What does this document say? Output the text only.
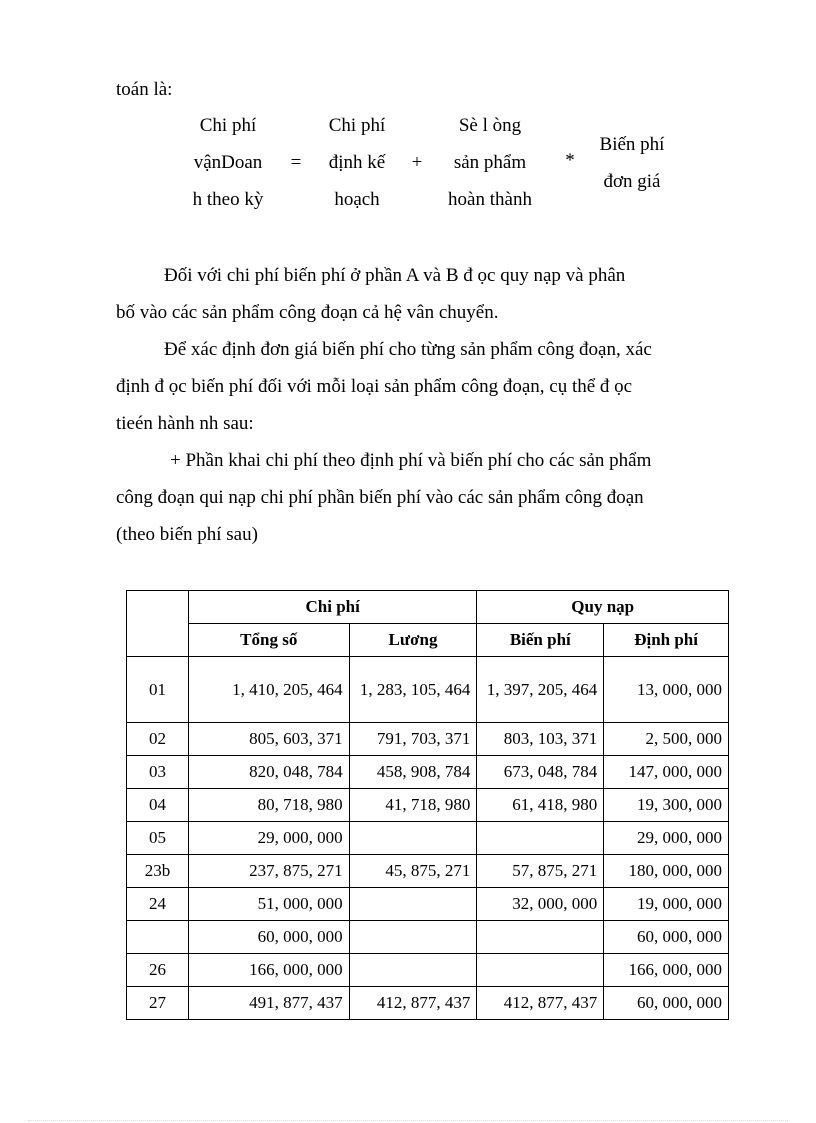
toán là:
Chi phí
vậnDoan
h theo kỳ
=
Chi phí
định kế
hoạch
+
Sè l òng
sản phẩm
hoàn thành
*
Biến phí
đơn giá
Đối với chi phí biến phí ở phần A và B đ ọc quy nạp và phân
bố vào các sản phẩm công đoạn cả hệ vân chuyển.
Để xác định đơn giá biến phí cho từng sản phẩm công đoạn, xác
định đ ọc biến phí đối với mỗi loại sản phẩm công đoạn, cụ thể đ ọc
tieén hành nh sau:
+ Phần khai chi phí theo định phí và biến phí cho các sản phẩm
công đoạn qui nạp chi phí phần biến phí vào các sản phẩm công đoạn
(theo biến phí sau)
	Chi phí		Quy nạp	
	Tổng số	Lương	Biến phí	Định phí
01	1, 410, 205, 464	1, 283, 105, 464	1, 397, 205, 464	13, 000, 000
02	805, 603, 371	791, 703, 371	803, 103, 371	2, 500, 000
03	820, 048, 784	458, 908, 784	673, 048, 784	147, 000, 000
04	80, 718, 980	41, 718, 980	61, 418, 980	19, 300, 000
05	29, 000, 000			29, 000, 000
23b	237, 875, 271	45, 875, 271	57, 875, 271	180, 000, 000
24	51, 000, 000		32, 000, 000	19, 000, 000
	60, 000, 000			60, 000, 000
26	166, 000, 000			166, 000, 000
27	491, 877, 437	412, 877, 437	412, 877, 437	60, 000, 000
